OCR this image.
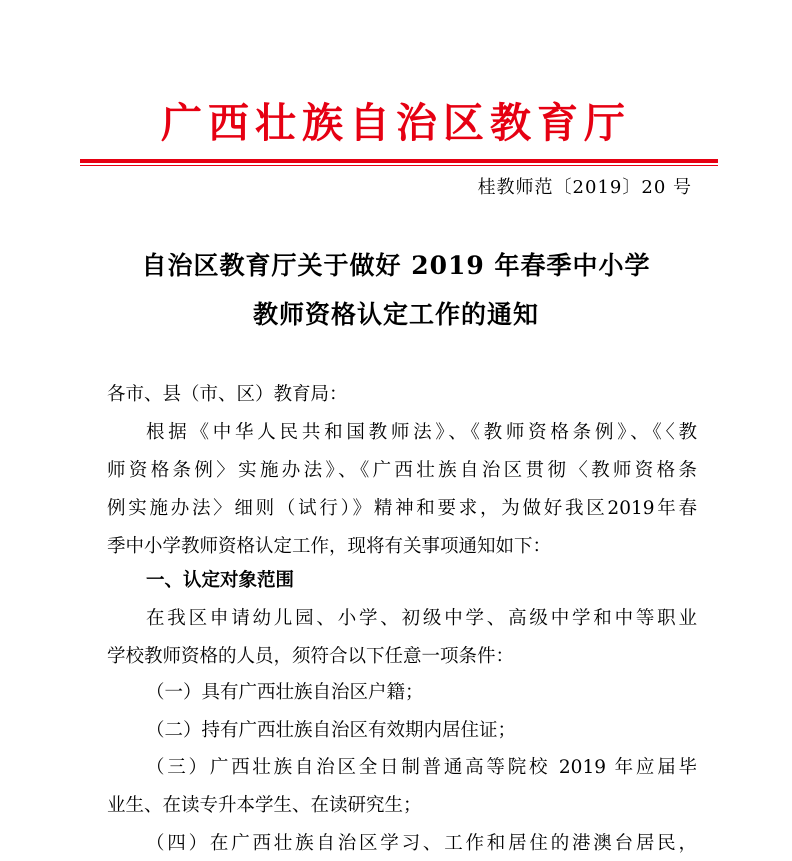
广西壮族自治区教育厅
桂教师范〔2019〕20 号
自治区教育厅关于做好 2019 年春季中小学
教师资格认定工作的通知
各市、县（市、区）教育局：
根据《中华人民共和国教师法》、《教师资格条例》、《〈教
师资格条例〉实施办法》、《广西壮族自治区贯彻〈教师资格条
例实施办法〉细则（试行）》精神和要求，为做好我区2019年春
季中小学教师资格认定工作，现将有关事项通知如下：
一、认定对象范围
在我区申请幼儿园、小学、初级中学、高级中学和中等职业
学校教师资格的人员，须符合以下任意一项条件：
（一）具有广西壮族自治区户籍；
（二）持有广西壮族自治区有效期内居住证；
（三）广西壮族自治区全日制普通高等院校 2019 年应届毕
业生、在读专升本学生、在读研究生；
（四）在广西壮族自治区学习、工作和居住的港澳台居民，
